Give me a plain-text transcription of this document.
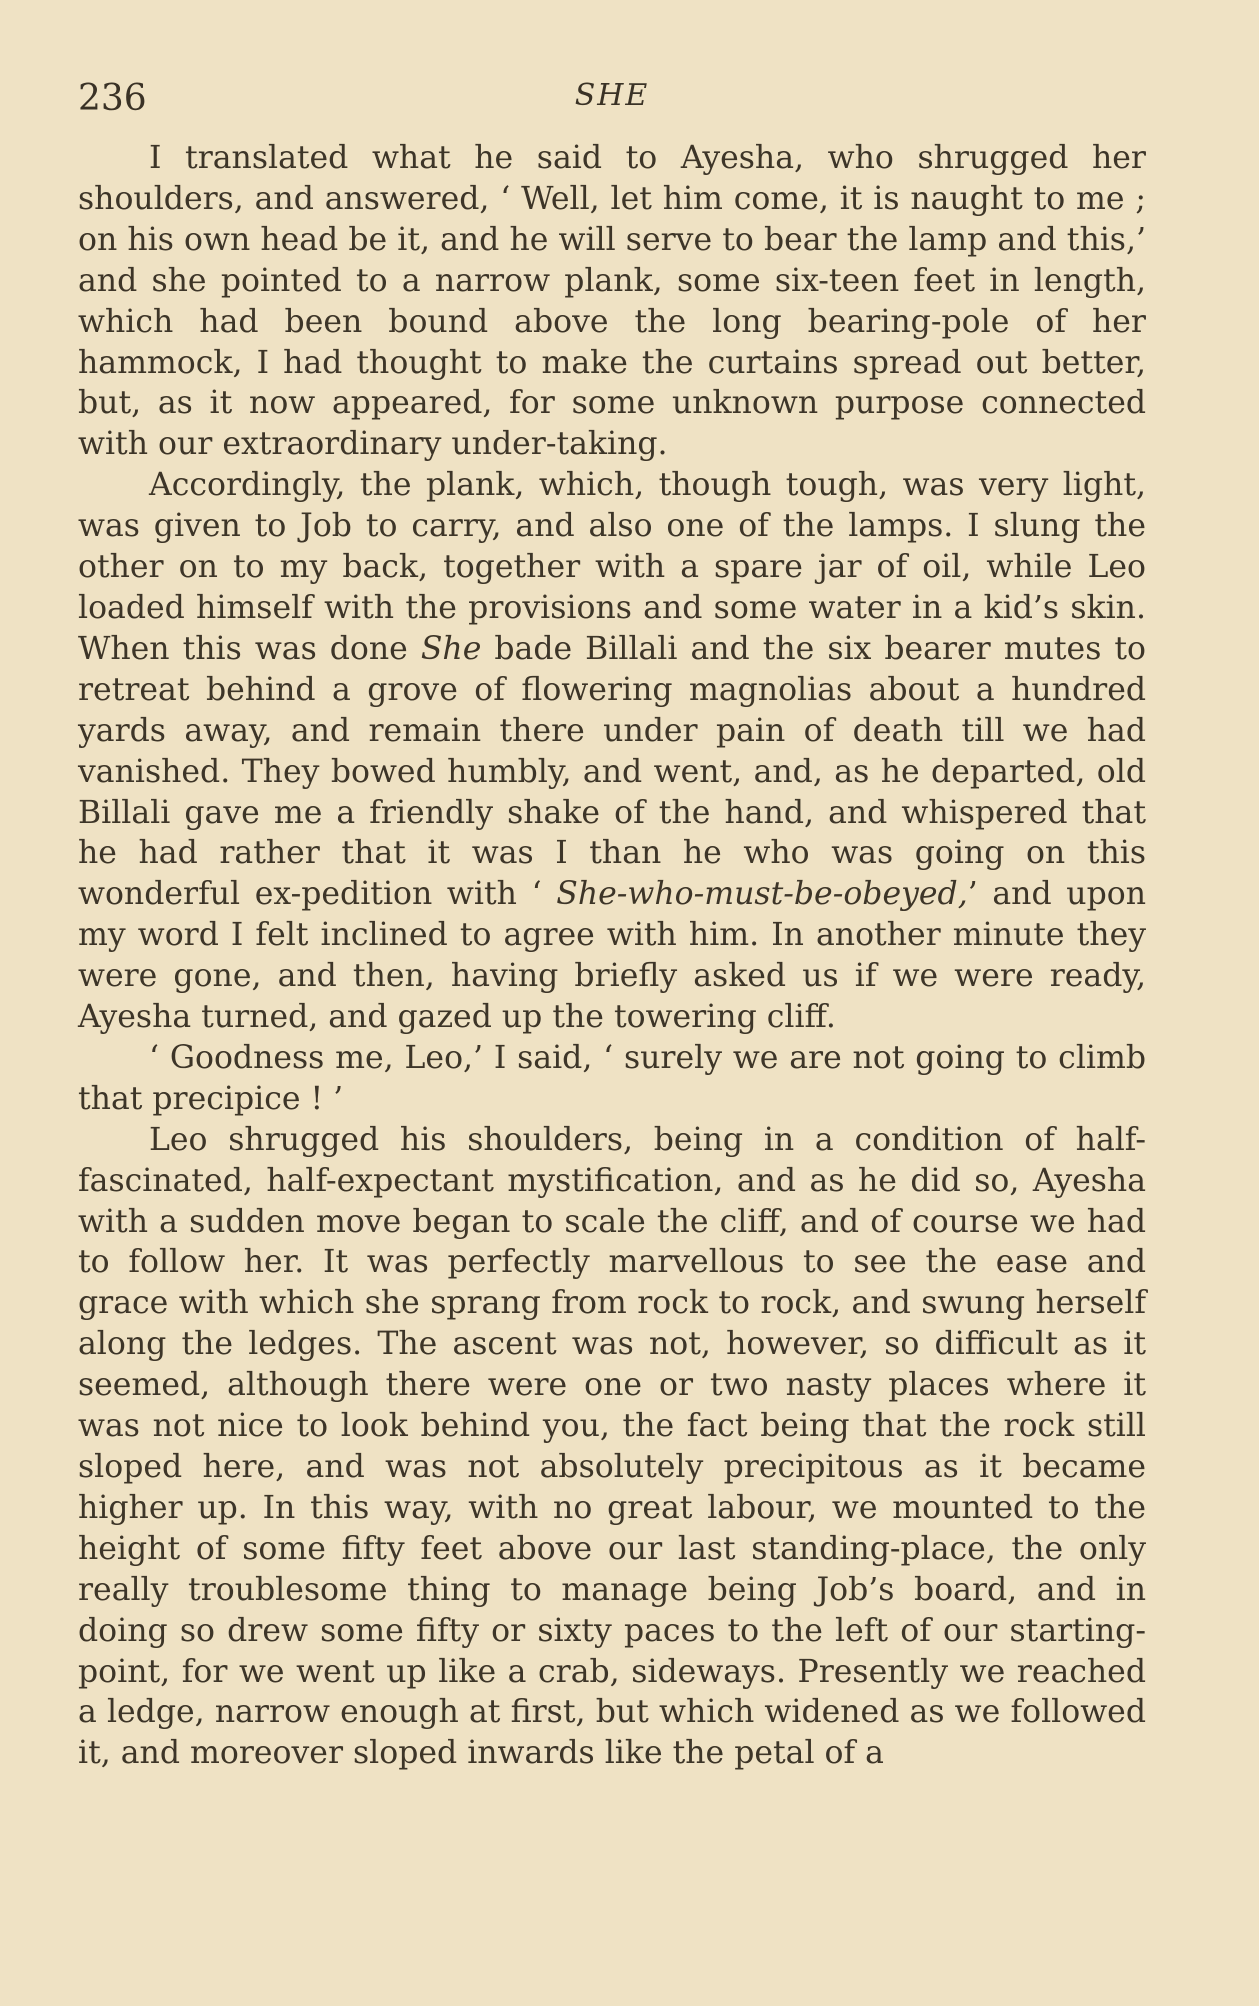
236	SHE

I translated what he said to Ayesha, who shrugged her shoulders, and answered, ‘ Well, let him come, it is naught to me ; on his own head be it, and he will serve to bear the lamp and this,’ and she pointed to a narrow plank, some six-teen feet in length, which had been bound above the long bearing-pole of her hammock, I had thought to make the curtains spread out better, but, as it now appeared, for some unknown purpose connected with our extraordinary under-taking.

Accordingly, the plank, which, though tough, was very light, was given to Job to carry, and also one of the lamps. I slung the other on to my back, together with a spare jar of oil, while Leo loaded himself with the provisions and some water in a kid’s skin. When this was done She bade Billali and the six bearer mutes to retreat behind a grove of flowering magnolias about a hundred yards away, and remain there under pain of death till we had vanished. They bowed humbly, and went, and, as he departed, old Billali gave me a friendly shake of the hand, and whispered that he had rather that it was I than he who was going on this wonderful ex-pedition with ‘ She-who-must-be-obeyed,’ and upon my word I felt inclined to agree with him. In another minute they were gone, and then, having briefly asked us if we were ready, Ayesha turned, and gazed up the towering cliff.

‘ Goodness me, Leo,’ I said, ‘ surely we are not going to climb that precipice ! ’

Leo shrugged his shoulders, being in a condition of half-fascinated, half-expectant mystification, and as he did so, Ayesha with a sudden move began to scale the cliff, and of course we had to follow her. It was perfectly marvellous to see the ease and grace with which she sprang from rock to rock, and swung herself along the ledges. The ascent was not, however, so difficult as it seemed, although there were one or two nasty places where it was not nice to look behind you, the fact being that the rock still sloped here, and was not absolutely precipitous as it became higher up. In this way, with no great labour, we mounted to the height of some fifty feet above our last standing-place, the only really troublesome thing to manage being Job’s board, and in doing so drew some fifty or sixty paces to the left of our starting-point, for we went up like a crab, sideways. Presently we reached a ledge, narrow enough at first, but which widened as we followed it, and moreover sloped inwards like the petal of a
